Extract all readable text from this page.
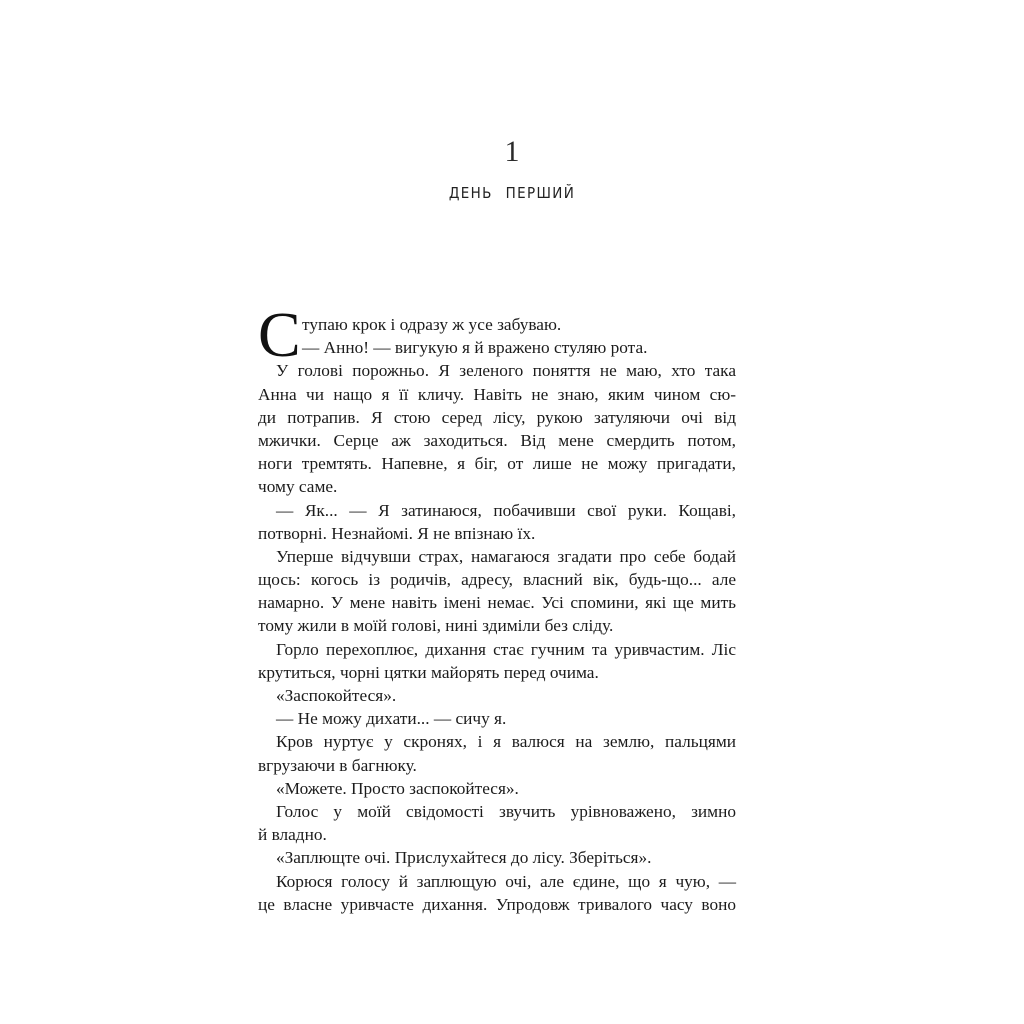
1
ДЕНЬ ПЕРШИЙ
С тупаю крок і одразу ж усе забуваю.
— Анно! — вигукую я й вражено стуляю рота.
У голові порожньо. Я зеленого поняття не маю, хто така
Анна чи нащо я її кличу. Навіть не знаю, яким чином сю-
ди потрапив. Я стою серед лісу, рукою затуляючи очі від
мжички. Серце аж заходиться. Від мене смердить потом,
ноги тремтять. Напевне, я біг, от лише не можу пригадати,
чому саме.
— Як... — Я затинаюся, побачивши свої руки. Кощаві,
потворні. Незнайомі. Я не впізнаю їх.
Уперше відчувши страх, намагаюся згадати про себе бодай
щось: когось із родичів, адресу, власний вік, будь-що... але
намарно. У мене навіть імені немає. Усі спомини, які ще мить
тому жили в моїй голові, нині здиміли без сліду.
Горло перехоплює, дихання стає гучним та уривчастим. Ліс
крутиться, чорні цятки майорять перед очима.
«Заспокойтеся».
— Не можу дихати... — сичу я.
Кров нуртує у скронях, і я валюся на землю, пальцями
вгрузаючи в багнюку.
«Можете. Просто заспокойтеся».
Голос у моїй свідомості звучить урівноважено, зимно
й владно.
«Заплющте очі. Прислухайтеся до лісу. Зберіться».
Корюся голосу й заплющую очі, але єдине, що я чую, —
це власне уривчасте дихання. Упродовж тривалого часу воно
